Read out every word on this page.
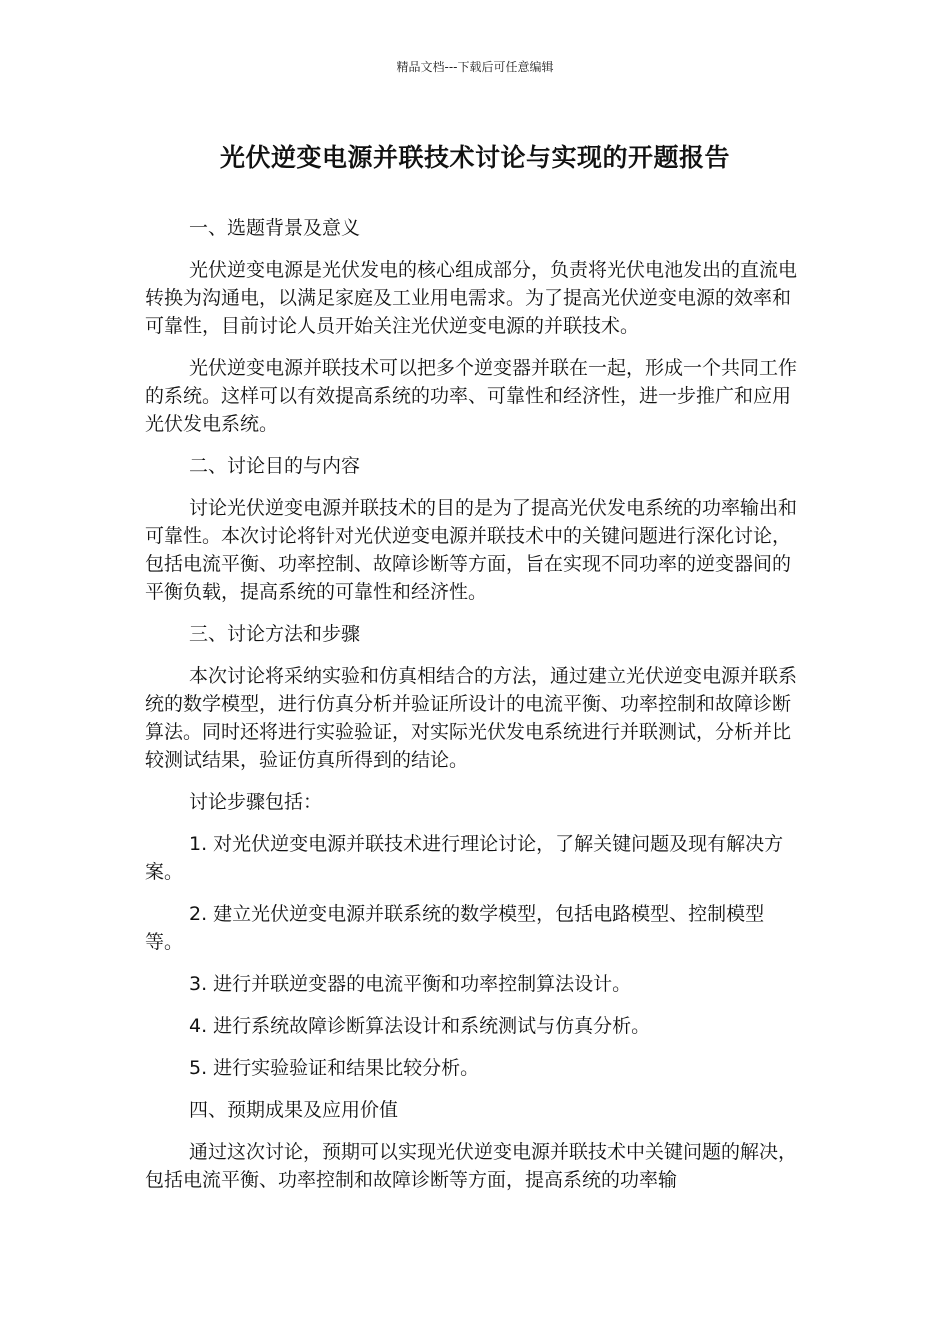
精品文档---下载后可任意编辑
光伏逆变电源并联技术讨论与实现的开题报告

一、选题背景及意义

光伏逆变电源是光伏发电的核心组成部分，负责将光伏电池发出的直流电转换为沟通电，以满足家庭及工业用电需求。为了提高光伏逆变电源的效率和可靠性，目前讨论人员开始关注光伏逆变电源的并联技术。

光伏逆变电源并联技术可以把多个逆变器并联在一起，形成一个共同工作的系统。这样可以有效提高系统的功率、可靠性和经济性，进一步推广和应用光伏发电系统。

二、讨论目的与内容

讨论光伏逆变电源并联技术的目的是为了提高光伏发电系统的功率输出和可靠性。本次讨论将针对光伏逆变电源并联技术中的关键问题进行深化讨论，包括电流平衡、功率控制、故障诊断等方面，旨在实现不同功率的逆变器间的平衡负载，提高系统的可靠性和经济性。

三、讨论方法和步骤

本次讨论将采纳实验和仿真相结合的方法，通过建立光伏逆变电源并联系统的数学模型，进行仿真分析并验证所设计的电流平衡、功率控制和故障诊断算法。同时还将进行实验验证，对实际光伏发电系统进行并联测试，分析并比较测试结果，验证仿真所得到的结论。

讨论步骤包括：

1. 对光伏逆变电源并联技术进行理论讨论，了解关键问题及现有解决方案。

2. 建立光伏逆变电源并联系统的数学模型，包括电路模型、控制模型等。

3. 进行并联逆变器的电流平衡和功率控制算法设计。

4. 进行系统故障诊断算法设计和系统测试与仿真分析。

5. 进行实验验证和结果比较分析。

四、预期成果及应用价值

通过这次讨论，预期可以实现光伏逆变电源并联技术中关键问题的解决，包括电流平衡、功率控制和故障诊断等方面，提高系统的功率输
